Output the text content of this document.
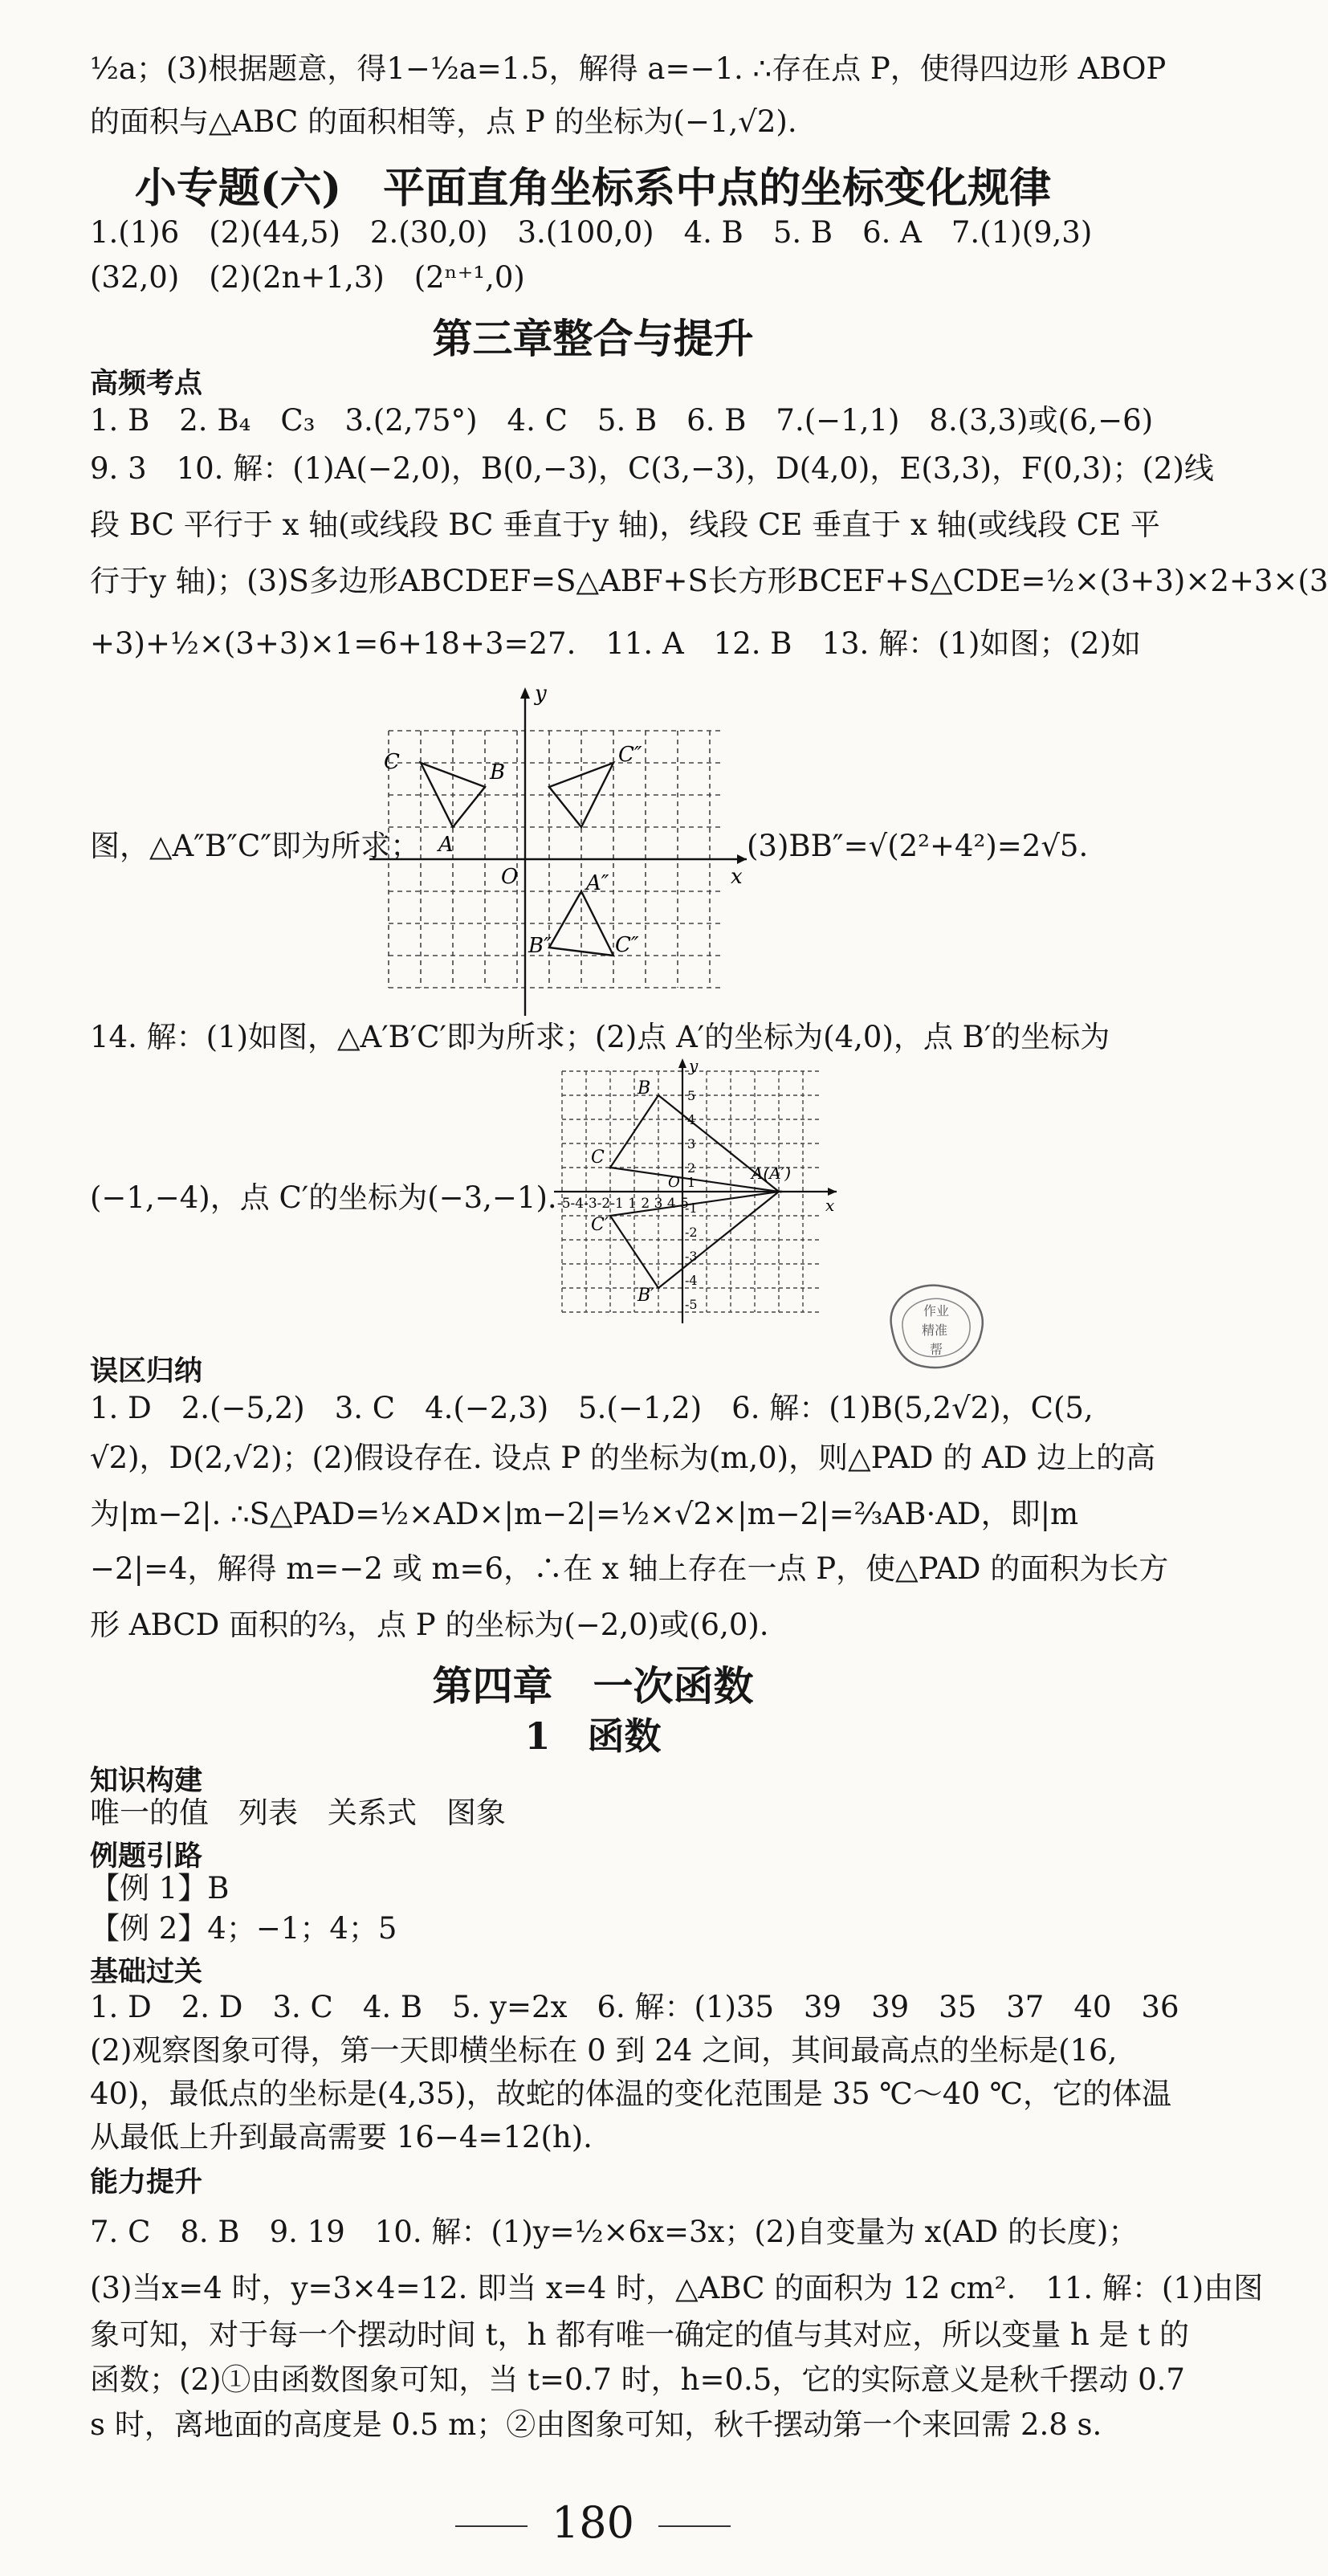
½a；(3)根据题意，得1−½a=1.5，解得 a=−1. ∴存在点 P，使得四边形 ABOP
的面积与△ABC 的面积相等，点 P 的坐标为(−1,√2).
小专题(六)　平面直角坐标系中点的坐标变化规律
1.(1)6　(2)(44,5)　2.(30,0)　3.(100,0)　4. B　5. B　6. A　7.(1)(9,3)
(32,0)　(2)(2n+1,3)　(2ⁿ⁺¹,0)
第三章整合与提升
高频考点
1. B　2. B₄　C₃　3.(2,75°)　4. C　5. B　6. B　7.(−1,1)　8.(3,3)或(6,−6)
9. 3　10. 解：(1)A(−2,0)，B(0,−3)，C(3,−3)，D(4,0)，E(3,3)，F(0,3)；(2)线
段 BC 平行于 x 轴(或线段 BC 垂直于y 轴)，线段 CE 垂直于 x 轴(或线段 CE 平
行于y 轴)；(3)S多边形ABCDEF=S△ABF+S长方形BCEF+S△CDE=½×(3+3)×2+3×(3
+3)+½×(3+3)×1=6+18+3=27.　11. A　12. B　13. 解：(1)如图；(2)如
图，△A″B″C″即为所求；	(3)BB″=√(2²+4²)=2√5.
C	B
A
C″
A″
B″	C″
O	x
y
14. 解：(1)如图，△A′B′C′即为所求；(2)点 A′的坐标为(4,0)，点 B′的坐标为
(−1,−4)，点 C′的坐标为(−3,−1).
B
C
A(A′)
C′
B′
-5-4-3-2-1 1 2 3 4 5
5
4
3
2
1
-1
-2
-3
-4
-5
O
y
x
作业
精准
帮
误区归纳
1. D　2.(−5,2)　3. C　4.(−2,3)　5.(−1,2)　6. 解：(1)B(5,2√2)，C(5,
√2)，D(2,√2)；(2)假设存在. 设点 P 的坐标为(m,0)，则△PAD 的 AD 边上的高
为|m−2|. ∴S△PAD=½×AD×|m−2|=½×√2×|m−2|=⅔AB·AD，即|m
−2|=4，解得 m=−2 或 m=6，∴在 x 轴上存在一点 P，使△PAD 的面积为长方
形 ABCD 面积的⅔，点 P 的坐标为(−2,0)或(6,0).
第四章　一次函数
1　函数
知识构建
唯一的值　列表　关系式　图象
例题引路
【例 1】B
【例 2】4；−1；4；5
基础过关
1. D　2. D　3. C　4. B　5. y=2x　6. 解：(1)35　39　39　35　37　40　36
(2)观察图象可得，第一天即横坐标在 0 到 24 之间，其间最高点的坐标是(16,
40)，最低点的坐标是(4,35)，故蛇的体温的变化范围是 35 ℃～40 ℃，它的体温
从最低上升到最高需要 16−4=12(h).
能力提升
7. C　8. B　9. 19　10. 解：(1)y=½×6x=3x；(2)自变量为 x(AD 的长度)；
(3)当x=4 时，y=3×4=12. 即当 x=4 时，△ABC 的面积为 12 cm².　11. 解：(1)由图
象可知，对于每一个摆动时间 t，h 都有唯一确定的值与其对应，所以变量 h 是 t 的
函数；(2)①由函数图象可知，当 t=0.7 时，h=0.5，它的实际意义是秋千摆动 0.7
s 时，离地面的高度是 0.5 m；②由图象可知，秋千摆动第一个来回需 2.8 s.
180
